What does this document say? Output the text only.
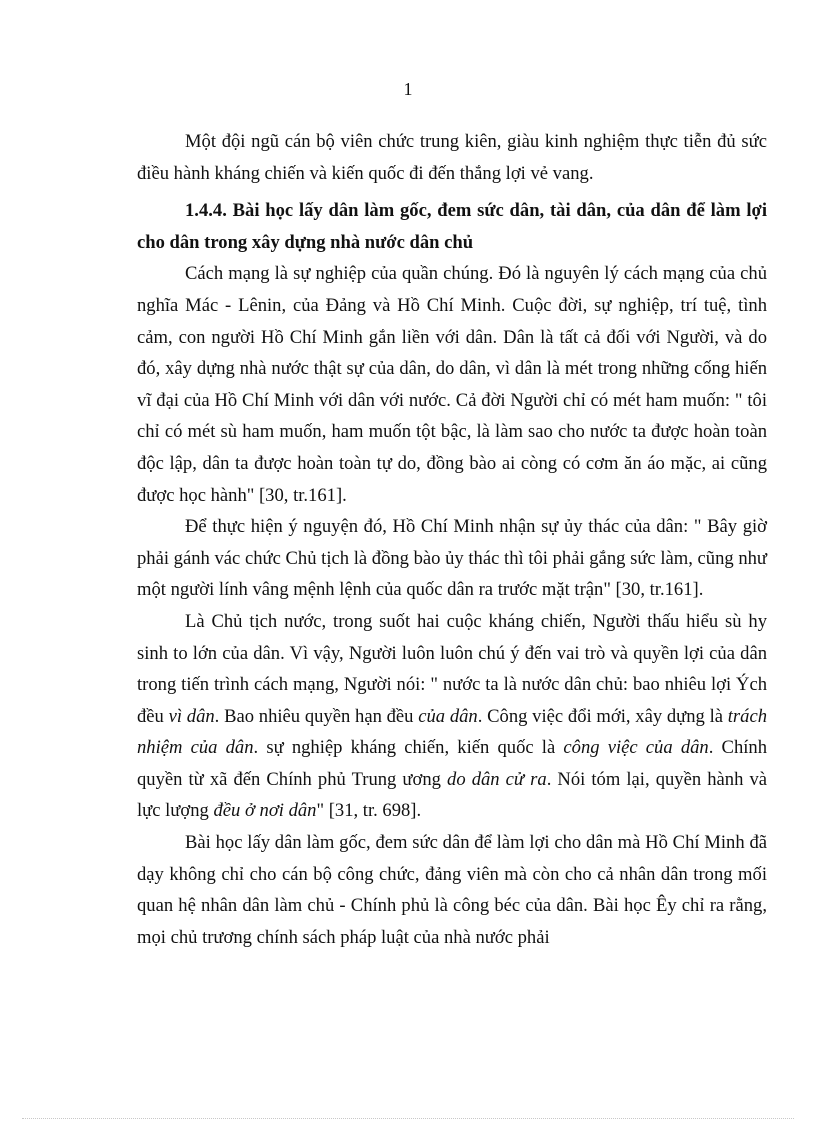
1

Một đội ngũ cán bộ viên chức trung kiên, giàu kinh nghiệm thực tiễn đủ sức điều hành kháng chiến và kiến quốc đi đến thắng lợi vẻ vang.

1.4.4. Bài học lấy dân làm gốc, đem sức dân, tài dân, của dân để làm lợi cho dân trong xây dựng nhà nước dân chủ

Cách mạng là sự nghiệp của quần chúng. Đó là nguyên lý cách mạng của chủ nghĩa Mác - Lênin, của Đảng và Hồ Chí Minh. Cuộc đời, sự nghiệp, trí tuệ, tình cảm, con người Hồ Chí Minh gắn liền với dân. Dân là tất cả đối với Người, và do đó, xây dựng nhà nước thật sự của dân, do dân, vì dân là mét trong những cống hiến vĩ đại của Hồ Chí Minh với dân với nước. Cả đời Người chỉ có mét ham muốn: " tôi chỉ có mét sù ham muốn, ham muốn tột bậc, là làm sao cho nước ta được hoàn toàn độc lập, dân ta được hoàn toàn tự do, đồng bào ai còng có cơm ăn áo mặc, ai cũng được học hành" [30, tr.161].

Để thực hiện ý nguyện đó, Hồ Chí Minh nhận sự ủy thác của dân: " Bây giờ phải gánh vác chức Chủ tịch là đồng bào ủy thác thì tôi phải gắng sức làm, cũng như một người lính vâng mệnh lệnh của quốc dân ra trước mặt trận" [30, tr.161].

Là Chủ tịch nước, trong suốt hai cuộc kháng chiến, Người thấu hiểu sù hy sinh to lớn của dân. Vì vậy, Người luôn luôn chú ý đến vai trò và quyền lợi của dân trong tiến trình cách mạng, Người nói: " nước ta là nước dân chủ: bao nhiêu lợi Ých đều vì dân. Bao nhiêu quyền hạn đều của dân. Công việc đổi mới, xây dựng là trách nhiệm của dân. sự nghiệp kháng chiến, kiến quốc là công việc của dân. Chính quyền từ xã đến Chính phủ Trung ương do dân cử ra. Nói tóm lại, quyền hành và lực lượng đều ở nơi dân" [31, tr. 698].

Bài học lấy dân làm gốc, đem sức dân để làm lợi cho dân mà Hồ Chí Minh đã dạy không chỉ cho cán bộ công chức, đảng viên mà còn cho cả nhân dân trong mối quan hệ nhân dân làm chủ - Chính phủ là công béc của dân. Bài học Êy chỉ ra rằng, mọi chủ trương chính sách pháp luật của nhà nước phải
